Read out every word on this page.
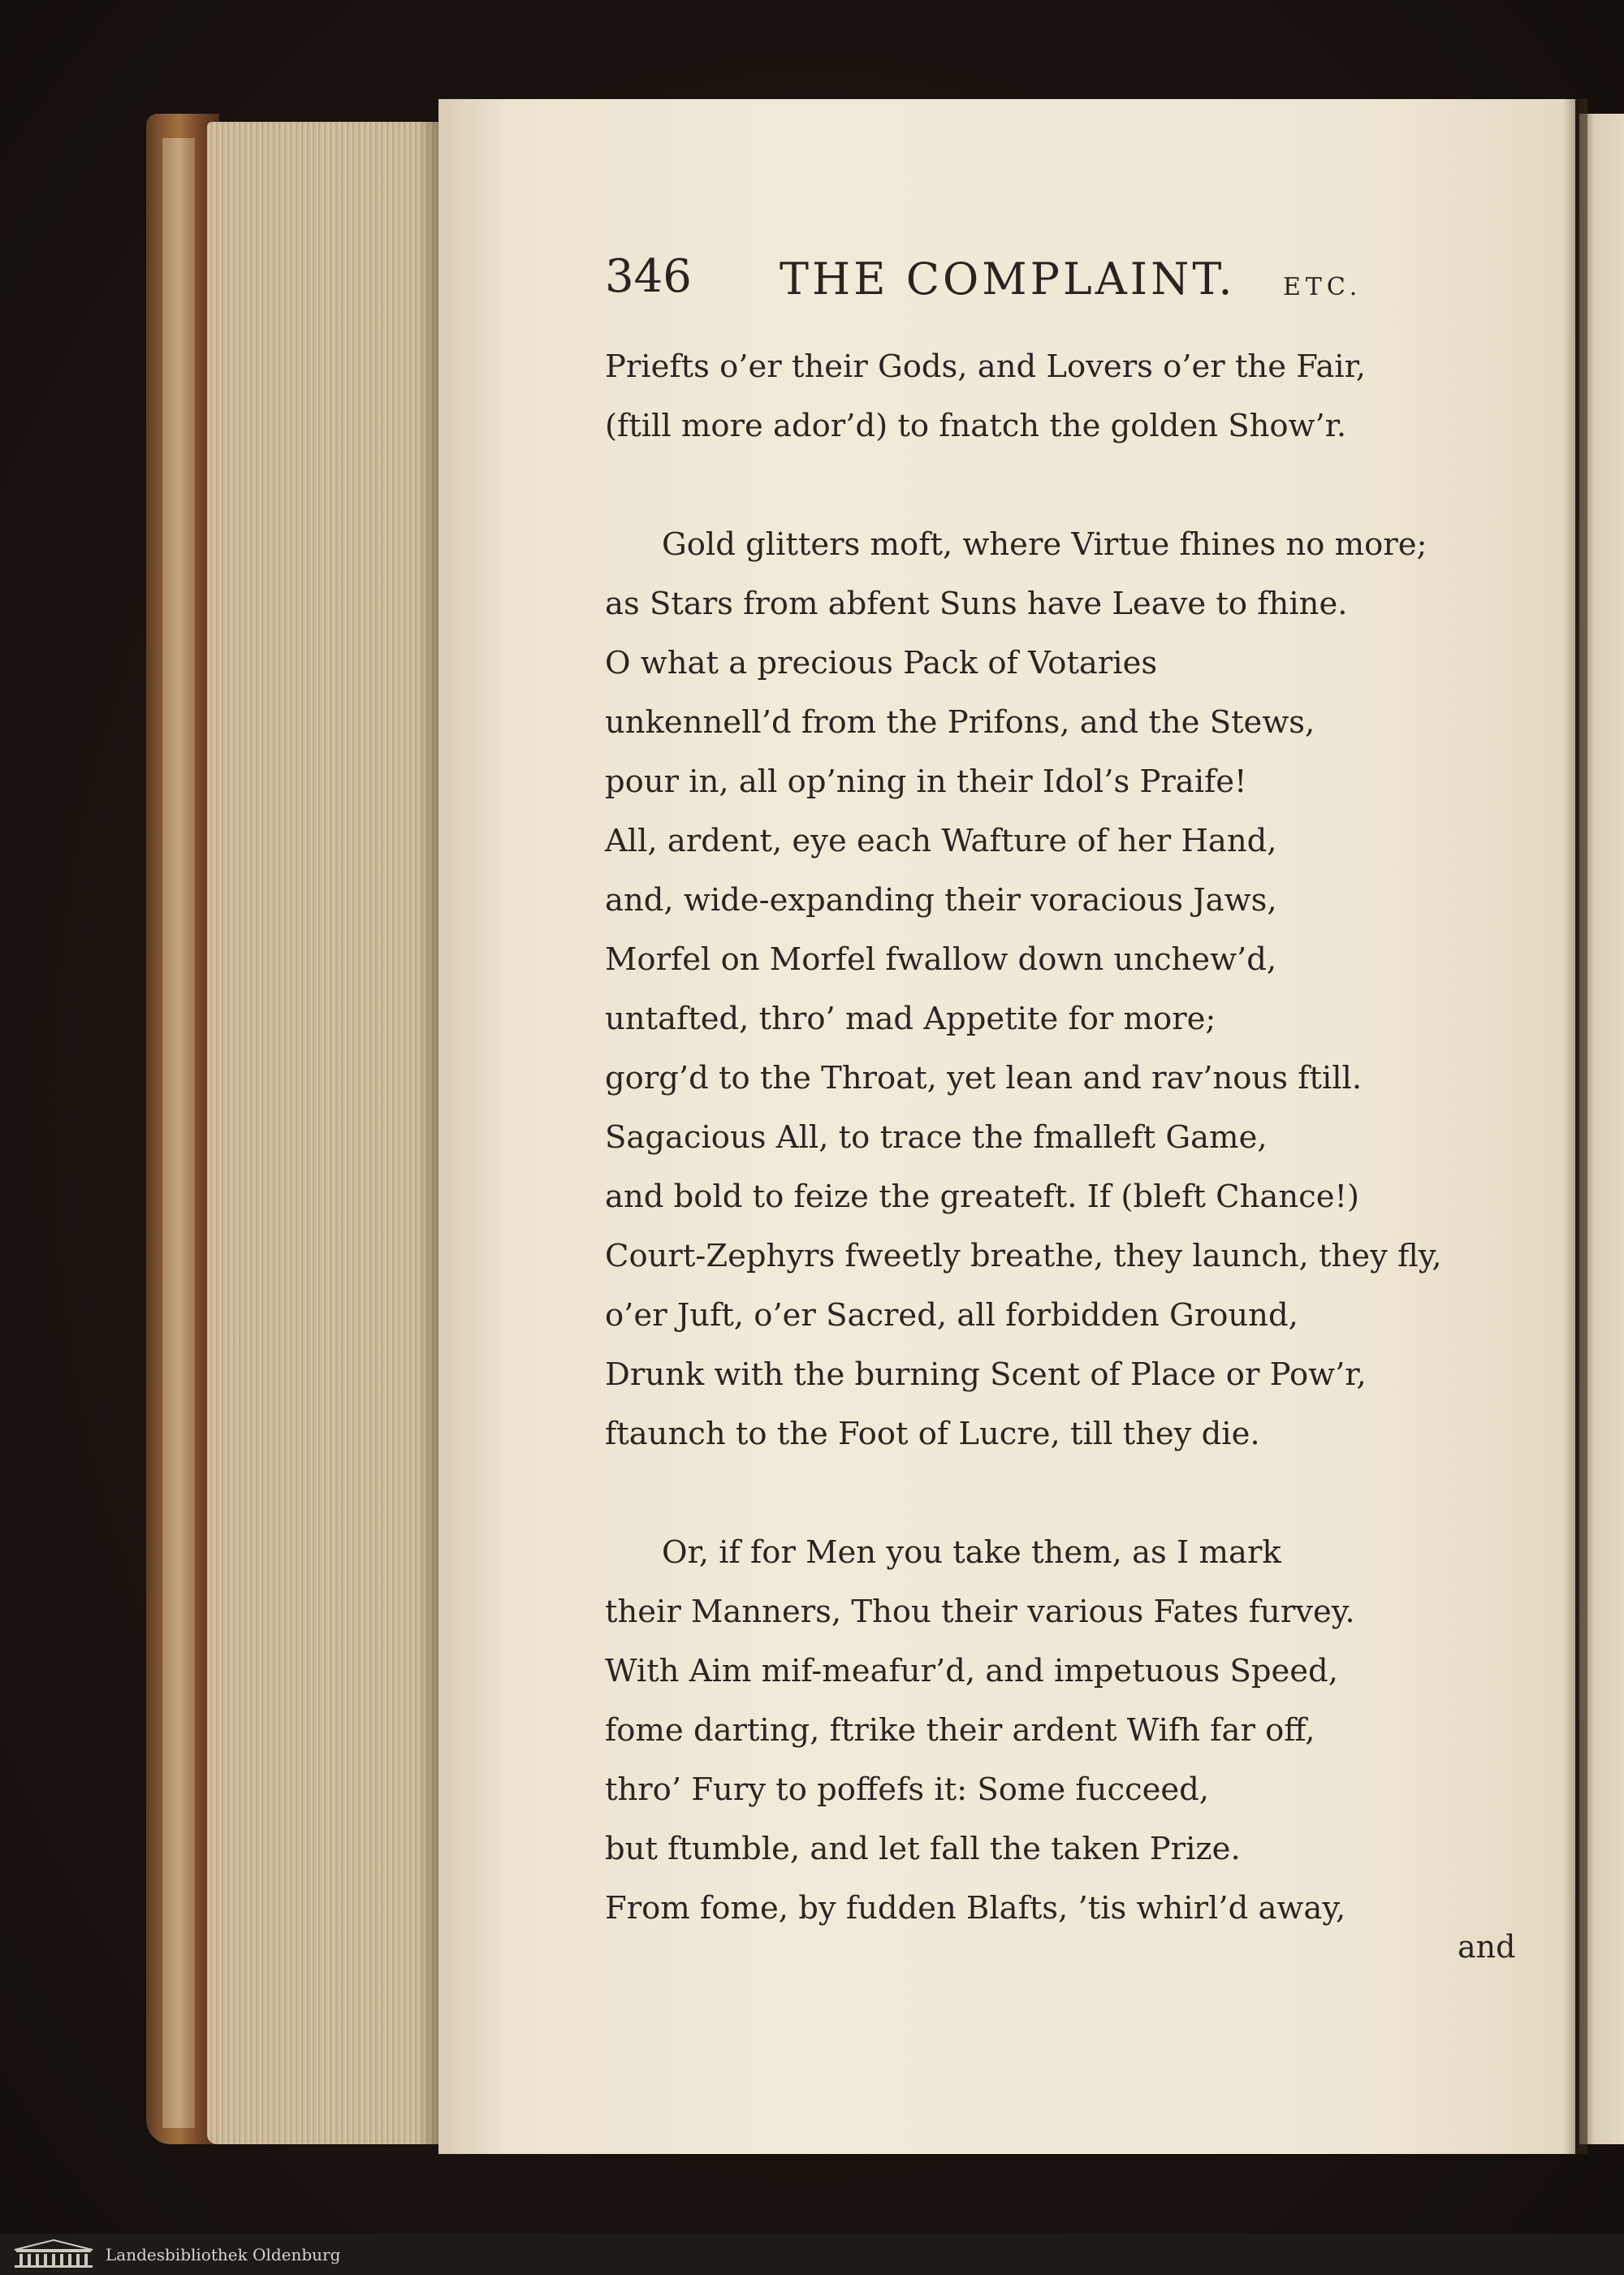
346 THE COMPLAINT. ETC.
Priefts o’er their Gods, and Lovers o’er the Fair,
(ftill more ador’d) to fnatch the golden Show’r.
Gold glitters moft, where Virtue fhines no more;
as Stars from abfent Suns have Leave to fhine.
O what a precious Pack of Votaries
unkennell’d from the Prifons, and the Stews,
pour in, all op’ning in their Idol’s Praife!
All, ardent, eye each Wafture of her Hand,
and, wide-expanding their voracious Jaws,
Morfel on Morfel fwallow down unchew’d,
untafted, thro’ mad Appetite for more;
gorg’d to the Throat, yet lean and rav’nous ftill.
Sagacious All, to trace the fmalleft Game,
and bold to feize the greateft. If (bleft Chance!)
Court-Zephyrs fweetly breathe, they launch, they fly,
o’er Juft, o’er Sacred, all forbidden Ground,
Drunk with the burning Scent of Place or Pow’r,
ftaunch to the Foot of Lucre, till they die.
Or, if for Men you take them, as I mark
their Manners, Thou their various Fates furvey.
With Aim mif-meafur’d, and impetuous Speed,
fome darting, ftrike their ardent Wifh far off,
thro’ Fury to poffefs it: Some fucceed,
but ftumble, and let fall the taken Prize.
From fome, by fudden Blafts, ’tis whirl’d away,
and
Landesbibliothek Oldenburg
